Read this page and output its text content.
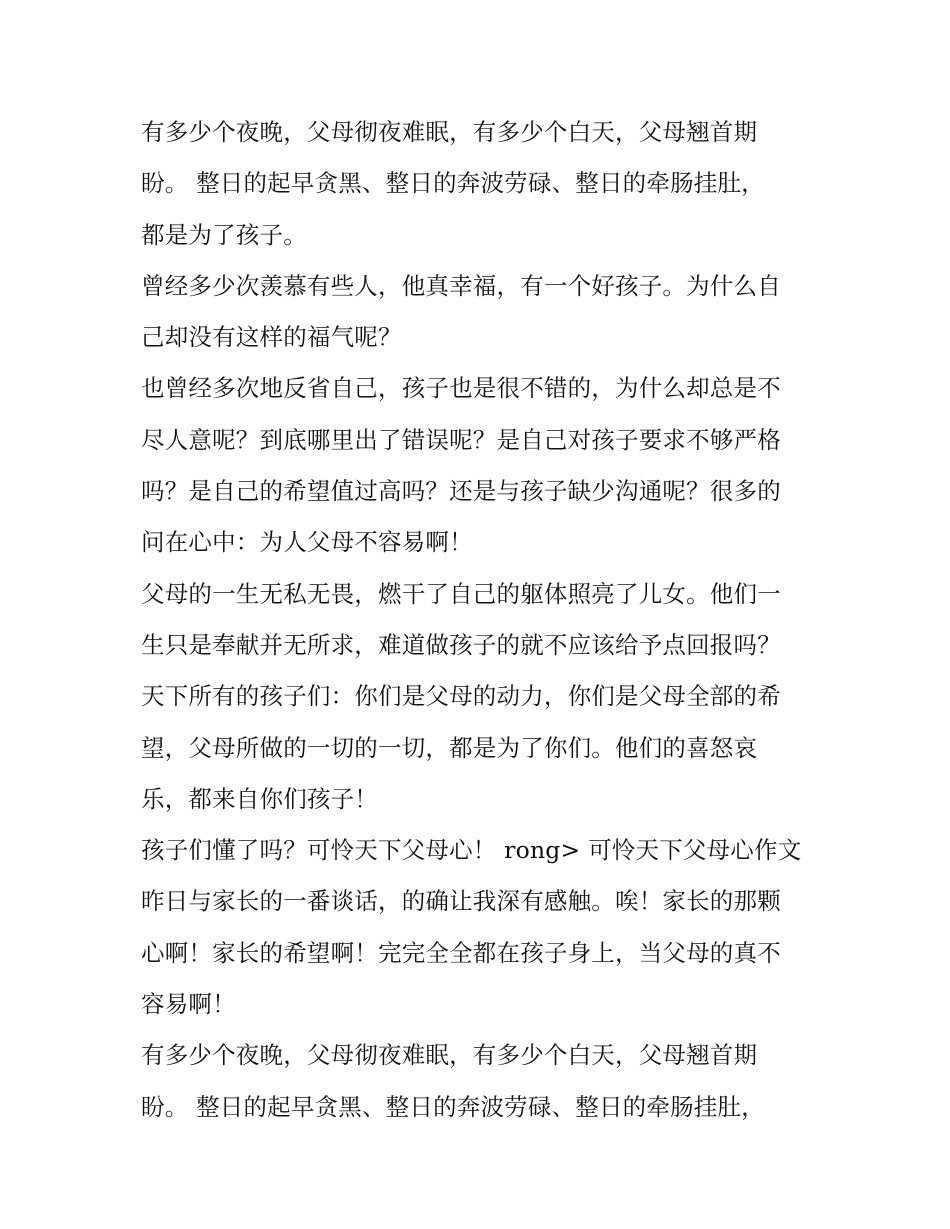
有多少个夜晚，父母彻夜难眠，有多少个白天，父母翘首期
盼。 整日的起早贪黑、整日的奔波劳碌、整日的牵肠挂肚，
都是为了孩子。
曾经多少次羡慕有些人，他真幸福，有一个好孩子。为什么自
己却没有这样的福气呢？
也曾经多次地反省自己，孩子也是很不错的，为什么却总是不
尽人意呢？到底哪里出了错误呢？是自己对孩子要求不够严格
吗？是自己的希望值过高吗？还是与孩子缺少沟通呢？很多的
问在心中：为人父母不容易啊！
父母的一生无私无畏，燃干了自己的躯体照亮了儿女。他们一
生只是奉献并无所求，难道做孩子的就不应该给予点回报吗？
天下所有的孩子们：你们是父母的动力，你们是父母全部的希
望，父母所做的一切的一切，都是为了你们。他们的喜怒哀
乐，都来自你们孩子！
孩子们懂了吗？可怜天下父母心！ rong> 可怜天下父母心作文
昨日与家长的一番谈话，的确让我深有感触。唉！家长的那颗
心啊！家长的希望啊！完完全全都在孩子身上，当父母的真不
容易啊！
有多少个夜晚，父母彻夜难眠，有多少个白天，父母翘首期
盼。 整日的起早贪黑、整日的奔波劳碌、整日的牵肠挂肚，
